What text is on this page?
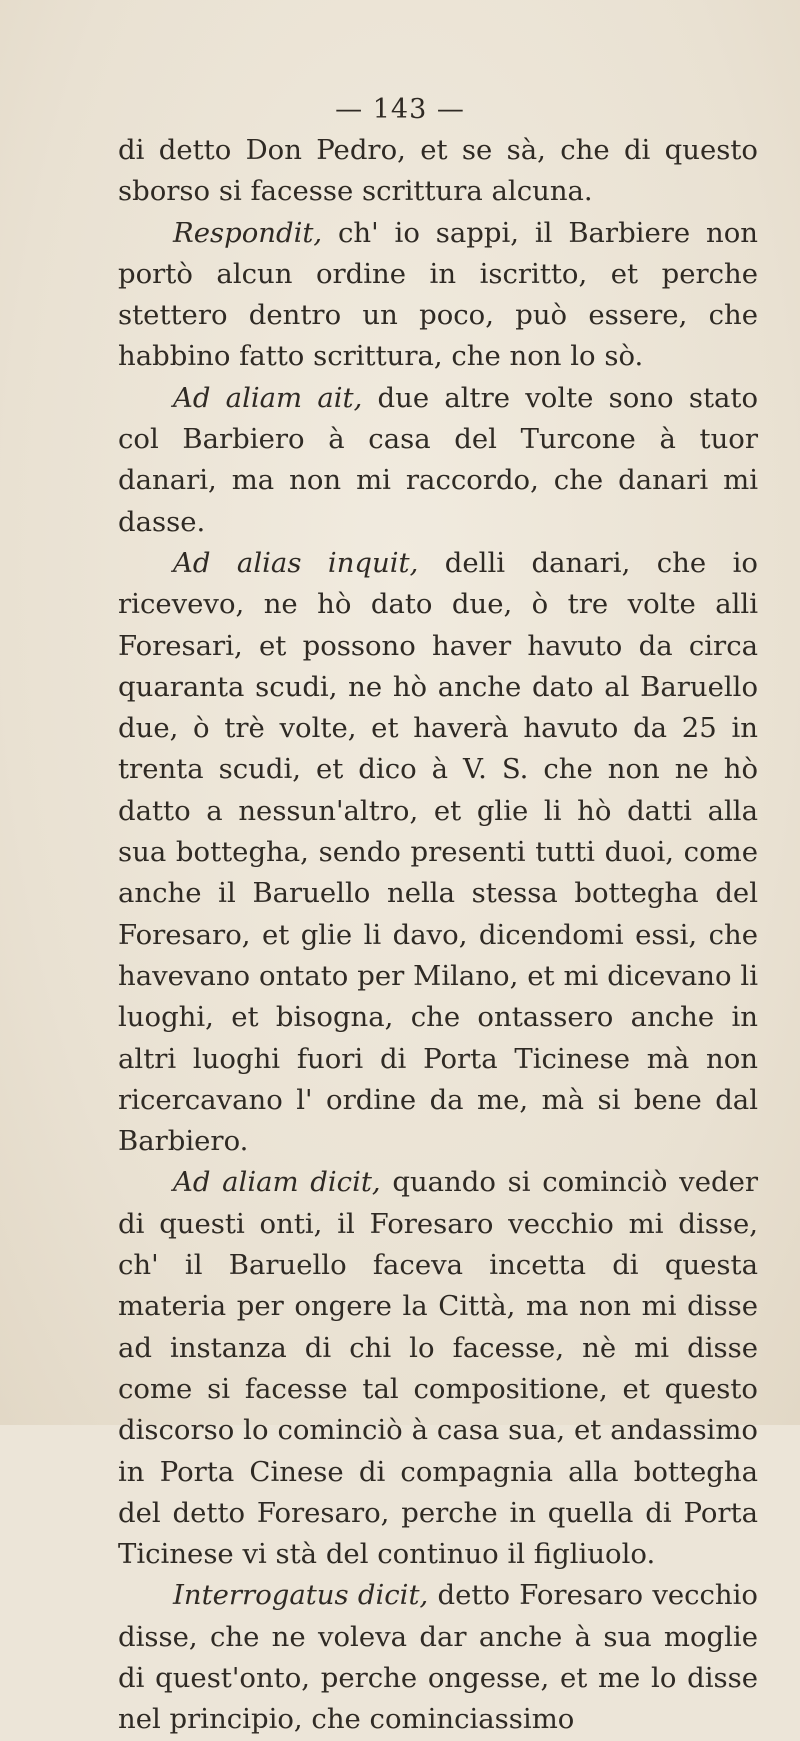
— 143 —

di detto Don Pedro, et se sà, che di questo sborso si facesse scrittura alcuna.

Respondit, ch' io sappi, il Barbiere non portò alcun ordine in iscritto, et perche stettero dentro un poco, può essere, che habbino fatto scrittura, che non lo sò.

Ad aliam ait, due altre volte sono stato col Barbiero à casa del Turcone à tuor danari, ma non mi raccordo, che danari mi dasse.

Ad alias inquit, delli danari, che io ricevevo, ne hò dato due, ò tre volte alli Foresari, et possono haver havuto da circa quaranta scudi, ne hò anche dato al Baruello due, ò trè volte, et haverà havuto da 25 in trenta scudi, et dico à V. S. che non ne hò datto a nessun'altro, et glie li hò datti alla sua bottegha, sendo presenti tutti duoi, come anche il Baruello nella stessa bottegha del Foresaro, et glie li davo, dicendomi essi, che havevano ontato per Milano, et mi dicevano li luoghi, et bisogna, che ontassero anche in altri luoghi fuori di Porta Ticinese mà non ricercavano l' ordine da me, mà si bene dal Barbiero.

Ad aliam dicit, quando si cominciò veder di questi onti, il Foresaro vecchio mi disse, ch' il Baruello faceva incetta di questa materia per ongere la Città, ma non mi disse ad instanza di chi lo facesse, nè mi disse come si facesse tal compositione, et questo discorso lo cominciò à casa sua, et andassimo in Porta Cinese di compagnia alla bottegha del detto Foresaro, perche in quella di Porta Ticinese vi stà del continuo il figliuolo.

Interrogatus dicit, detto Foresaro vecchio disse, che ne voleva dar anche à sua moglie di quest'onto, perche ongesse, et me lo disse nel principio, che cominciassimo
